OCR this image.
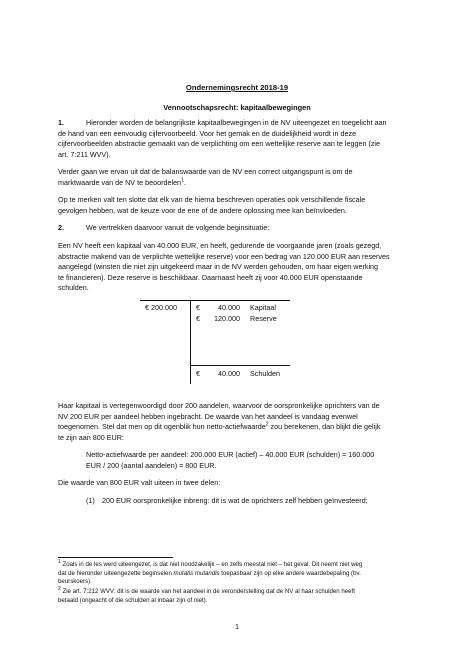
Ondernemingsrecht 2018-19
Vennootschapsrecht: kapitaalbewegingen
1.	Hieronder worden de belangrijkste kapitaalbewegingen in de NV uiteengezet en toegelicht aan
de hand van een eenvoudig cijfervoorbeeld. Voor het gemak en de duidelijkheid wordt in deze
cijfervoorbeelden abstractie gemaakt van de verplichting om een wettelijke reserve aan te leggen (zie
art. 7:211 WVV).
Verder gaan we ervan uit dat de balanswaarde van de NV een correct uitgangspunt is om de
marktwaarde van de NV te beoordelen$^1$.
Op te merken valt ten slotte dat elk van de hierna beschreven operaties ook verschillende fiscale
gevolgen hebben, wat de keuze voor de ene of de andere oplossing mee kan beïnvloeden.
2.	We vertrekken daarvoor vanuit de volgende beginsituatie:
Een NV heeft een kapitaal van 40.000 EUR, en heeft, gedurende de voorgaande jaren (zoals gezegd,
abstractie makend van de verplichte wettelijke reserve) voor een bedrag van 120.000 EUR aan reserves
aangelegd (winsten die niet zijn uitgekeerd maar in de NV werden gehouden, om haar eigen werking
te financieren). Deze reserve is beschikbaar. Daarnaast heeft zij voor 40.000 EUR openstaande
schulden.
€ 200.000	€	40.000 Kapitaal
€	120.000 Reserve
€	40.000 Schulden
Haar kapitaal is vertegenwoordigd door 200 aandelen, waarvoor de oorspronkelijke oprichters van de
NV 200 EUR per aandeel hebben ingebracht. De waarde van het aandeel is vandaag evenwel
toegenomen. Stel dat men op dit ogenblik hun netto-actiefwaarde$^2$ zou berekenen, dan blijkt die gelijk
te zijn aan 800 EUR:
Netto-actiefwaarde per aandeel: 200.000 EUR (actief) – 40.000 EUR (schulden) = 160.000
EUR / 200 (aantal aandelen) = 800 EUR.
Die waarde van 800 EUR valt uiteen in twee delen:
(1) 200 EUR oorspronkelijke inbreng: dit is wat de oprichters zelf hebben geïnvesteerd;
$^1$ Zoals in de les werd uiteengezet, is dat niet noodzakelijk – en zelfs meestal niet – het geval. Dit neemt niet weg
dat de hieronder uiteengezette beginselen mutatis mutandis toepasbaar zijn op elke andere waardebepaling (bv.
beurskoers).
$^2$ Zie art. 7:212 WVV: dit is de waarde van het aandeel in de veronderstelling dat de NV al haar schulden heeft
betaald (ongeacht of die schulden al inbaar zijn of niet).
1
